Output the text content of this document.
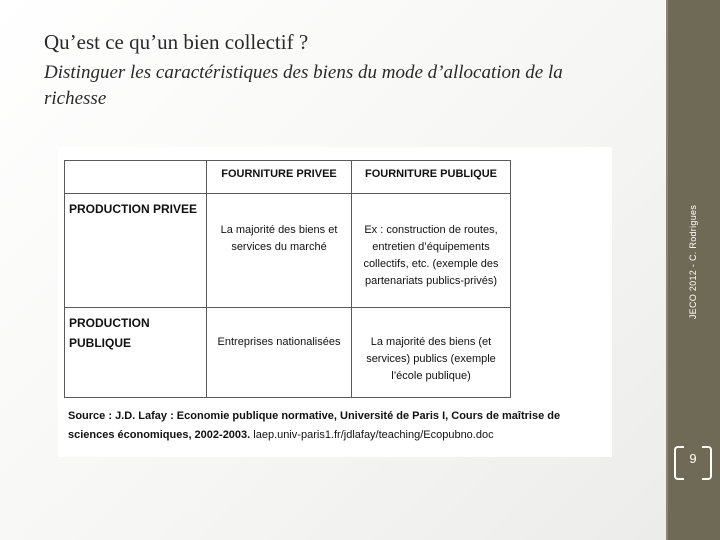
JECO 2012 - C. Rodrigues
9
Qu’est ce qu’un bien collectif ?

Distinguer les caractéristiques des biens du mode d’allocation de la richesse

	FOURNITURE PRIVEE	FOURNITURE PUBLIQUE

PRODUCTION PRIVEE	La majorité des biens et services du marché	Ex : construction de routes, entretien d’équipements collectifs, etc. (exemple des partenariats publics-privés)

PRODUCTION PUBLIQUE	Entreprises nationalisées	La majorité des biens (et services) publics (exemple l’école publique)
Source : J.D. Lafay : Economie publique normative, Université de Paris I, Cours de maîtrise de sciences économiques, 2002-2003. laep.univ-paris1.fr/jdlafay/teaching/Ecopubno.doc
